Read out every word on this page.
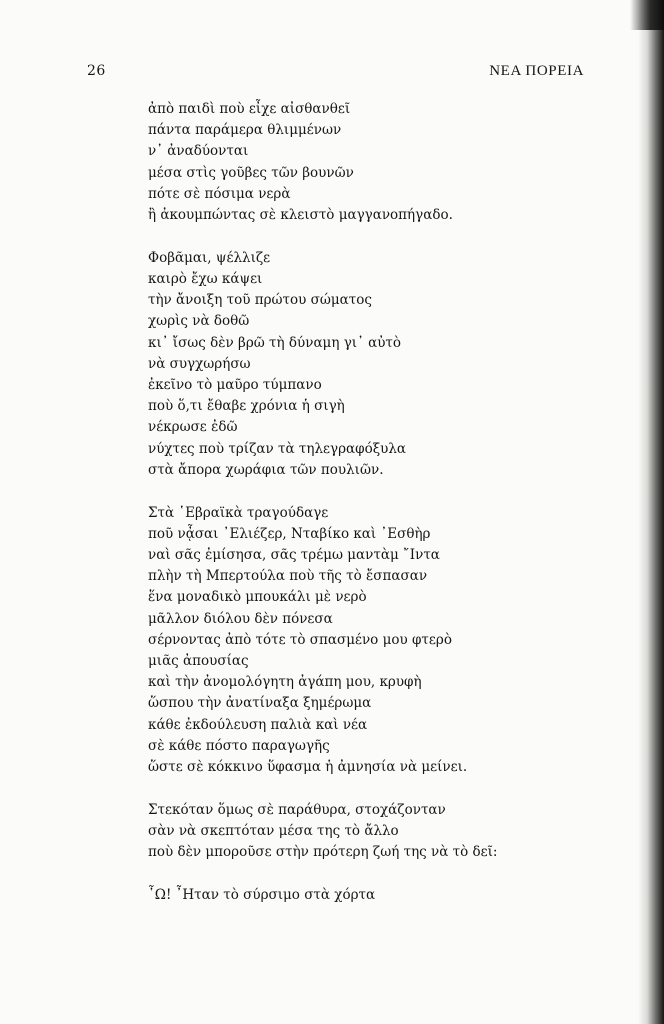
26	ΝΕΑ ΠΟΡΕΙΑ
ἀπὸ παιδὶ ποὺ εἶχε αἰσθανθεῖ
πάντα παράμερα θλιμμένων
ν᾽ ἀναδύονται
μέσα στὶς γοῦβες τῶν βουνῶν
πότε σὲ πόσιμα νερὰ
ἢ ἀκουμπώντας σὲ κλειστὸ μαγγανοπήγαδο.
Φοβᾶμαι, ψέλλιζε
καιρὸ ἔχω κάψει
τὴν ἄνοιξη τοῦ πρώτου σώματος
χωρὶς νὰ δοθῶ
κι᾽ ἴσως δὲν βρῶ τὴ δύναμη γι᾽ αὐτὸ
νὰ συγχωρήσω
ἐκεῖνο τὸ μαῦρο τύμπανο
ποὺ ὅ,τι ἔθαβε χρόνια ἡ σιγὴ
νέκρωσε ἐδῶ
νύχτες ποὺ τρίζαν τὰ τηλεγραφόξυλα
στὰ ἄπορα χωράφια τῶν πουλιῶν.
Στὰ ῾Εβραϊκὰ τραγούδαγε
ποῦ νᾆσαι ᾽Ελιέζερ, Νταβίκο καὶ ᾽Εσθὴρ
ναὶ σᾶς ἐμίσησα, σᾶς τρέμω μαντὰμ ῎Ιντα
πλὴν τὴ Μπερτούλα ποὺ τῆς τὸ ἔσπασαν
ἕνα μοναδικὸ μπουκάλι μὲ νερὸ
μᾶλλον διόλου δὲν πόνεσα
σέρνοντας ἀπὸ τότε τὸ σπασμένο μου φτερὸ
μιᾶς ἀπουσίας
καὶ τὴν ἀνομολόγητη ἀγάπη μου, κρυφὴ
ὥσπου τὴν ἀνατίναξα ξημέρωμα
κάθε ἐκδούλευση παλιὰ καὶ νέα
σὲ κάθε πόστο παραγωγῆς
ὥστε σὲ κόκκινο ὕφασμα ἡ ἀμνησία νὰ μείνει.
Στεκόταν ὅμως σὲ παράθυρα, στοχάζονταν
σὰν νὰ σκεπτόταν μέσα της τὸ ἄλλο
ποὺ δὲν μποροῦσε στὴν πρότερη ζωή της νὰ τὸ δεῖ:
῏Ω! ῏Ηταν τὸ σύρσιμο στὰ χόρτα
